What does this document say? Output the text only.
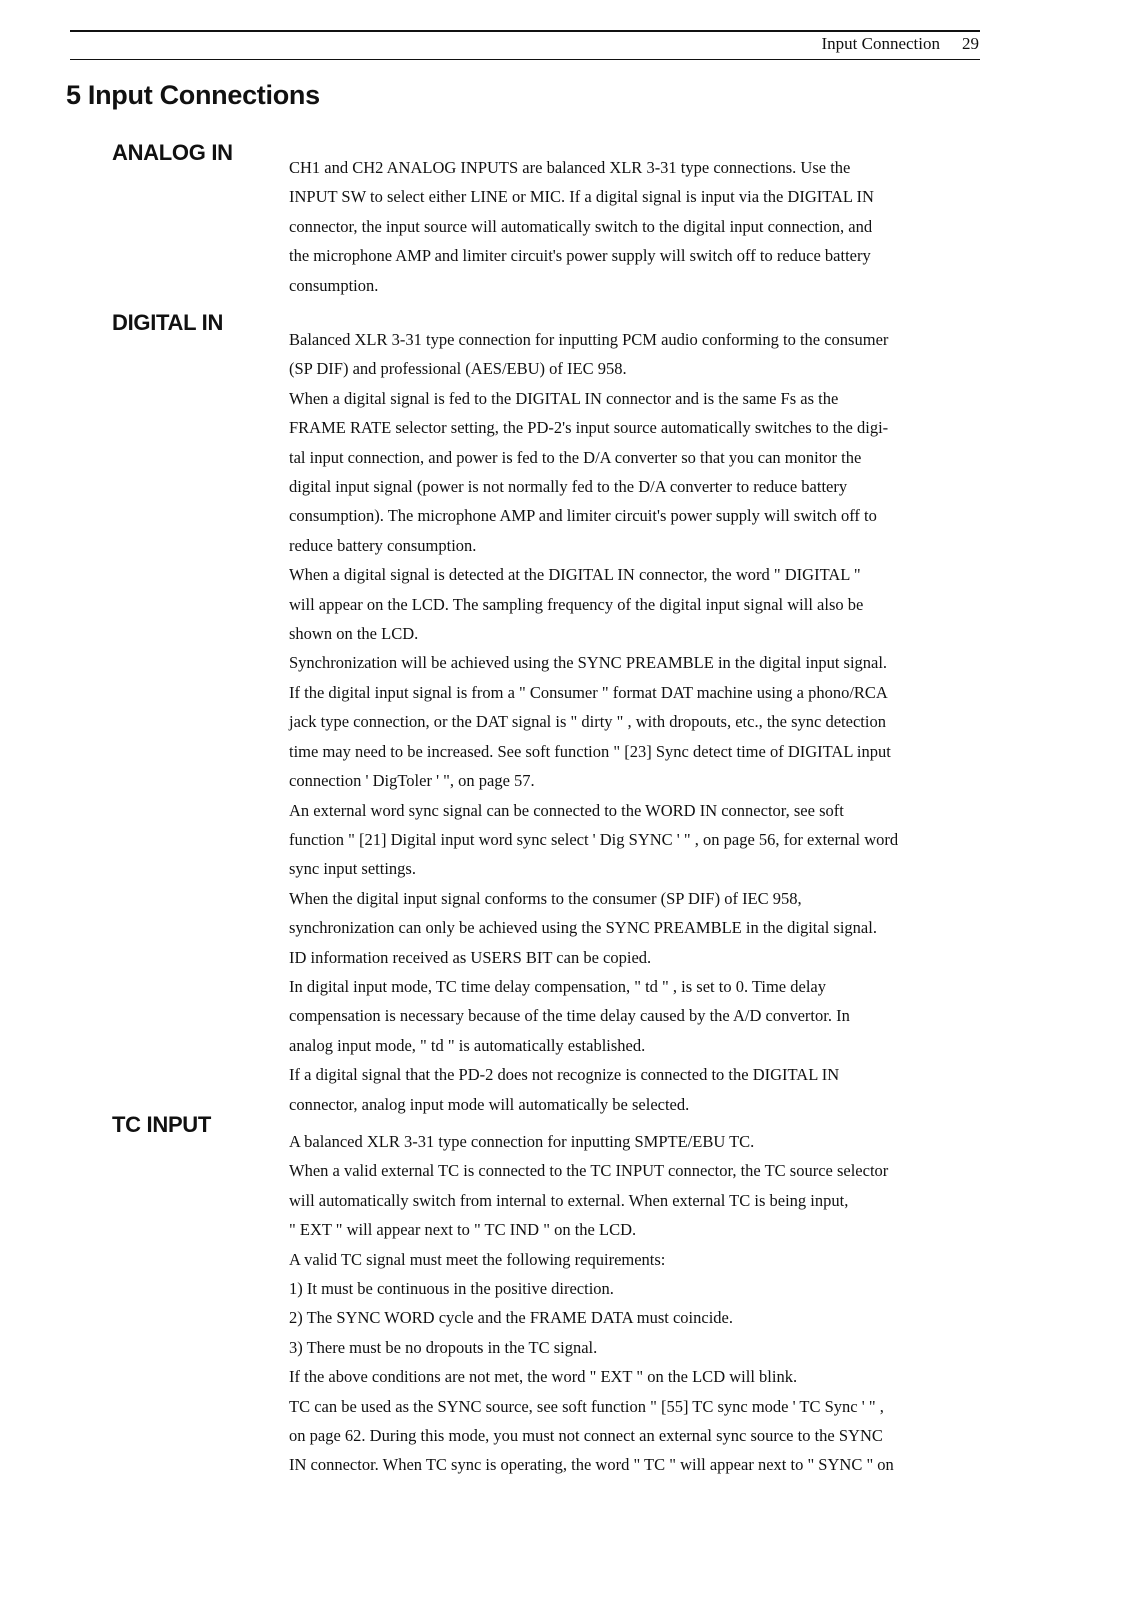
Input Connection 29
5 Input Connections
ANALOG IN

CH1 and CH2 ANALOG INPUTS are balanced XLR 3-31 type connections. Use the

INPUT SW to select either LINE or MIC. If a digital signal is input via the DIGITAL IN

connector, the input source will automatically switch to the digital input connection, and

the microphone AMP and limiter circuit's power supply will switch off to reduce battery

consumption.

DIGITAL IN

Balanced XLR 3-31 type connection for inputting PCM audio conforming to the consumer

(SP DIF) and professional (AES/EBU) of IEC 958.

When a digital signal is fed to the DIGITAL IN connector and is the same Fs as the

FRAME RATE selector setting, the PD-2's input source automatically switches to the digi-

tal input connection, and power is fed to the D/A converter so that you can monitor the

digital input signal (power is not normally fed to the D/A converter to reduce battery

consumption). The microphone AMP and limiter circuit's power supply will switch off to

reduce battery consumption.

When a digital signal is detected at the DIGITAL IN connector, the word " DIGITAL "

will appear on the LCD. The sampling frequency of the digital input signal will also be

shown on the LCD.

Synchronization will be achieved using the SYNC PREAMBLE in the digital input signal.

If the digital input signal is from a " Consumer " format DAT machine using a phono/RCA

jack type connection, or the DAT signal is " dirty " , with dropouts, etc., the sync detection

time may need to be increased. See soft function " [23] Sync detect time of DIGITAL input

connection ' DigToler ' ", on page 57.

An external word sync signal can be connected to the WORD IN connector, see soft

function " [21] Digital input word sync select ' Dig SYNC ' " , on page 56, for external word

sync input settings.

When the digital input signal conforms to the consumer (SP DIF) of IEC 958,

synchronization can only be achieved using the SYNC PREAMBLE in the digital signal.

ID information received as USERS BIT can be copied.

In digital input mode, TC time delay compensation, " td " , is set to 0. Time delay

compensation is necessary because of the time delay caused by the A/D convertor. In

analog input mode, " td " is automatically established.

If a digital signal that the PD-2 does not recognize is connected to the DIGITAL IN

connector, analog input mode will automatically be selected.

TC INPUT

A balanced XLR 3-31 type connection for inputting SMPTE/EBU TC.

When a valid external TC is connected to the TC INPUT connector, the TC source selector

will automatically switch from internal to external. When external TC is being input,

" EXT " will appear next to " TC IND " on the LCD.

A valid TC signal must meet the following requirements:

1) It must be continuous in the positive direction.

2) The SYNC WORD cycle and the FRAME DATA must coincide.

3) There must be no dropouts in the TC signal.

If the above conditions are not met, the word " EXT " on the LCD will blink.

TC can be used as the SYNC source, see soft function " [55] TC sync mode ' TC Sync ' " ,

on page 62. During this mode, you must not connect an external sync source to the SYNC

IN connector. When TC sync is operating, the word " TC " will appear next to " SYNC " on
